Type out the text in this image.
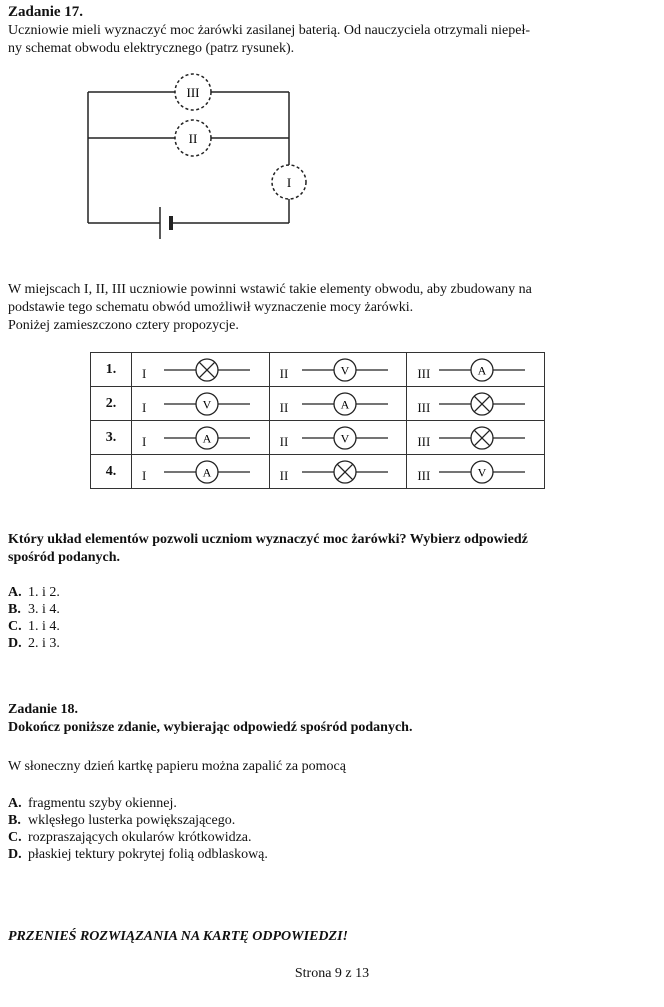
Zadanie 17.
Uczniowie mieli wyznaczyć moc żarówki zasilanej baterią. Od nauczyciela otrzymali niepeł-
ny schemat obwodu elektrycznego (patrz rysunek).
III
II
I
W miejscach I, II, III uczniowie powinni wstawić takie elementy obwodu, aby zbudowany na
podstawie tego schematu obwód umożliwił wyznaczenie mocy żarówki.
Poniżej zamieszczono cztery propozycje.
1.	I	II V	III A

2.	I V	II A	III

3.	I A	II V	III

4.	I A	II	III V
Który układ elementów pozwoli uczniom wyznaczyć moc żarówki? Wybierz odpowiedź
spośród podanych.
A. 1. i 2.
B. 3. i 4.
C. 1. i 4.
D. 2. i 3.
Zadanie 18.
Dokończ poniższe zdanie, wybierając odpowiedź spośród podanych.
W słoneczny dzień kartkę papieru można zapalić za pomocą
A. fragmentu szyby okiennej.
B. wklęsłego lusterka powiększającego.
C. rozpraszających okularów krótkowidza.
D. płaskiej tektury pokrytej folią odblaskową.
PRZENIEŚ ROZWIĄZANIA NA KARTĘ ODPOWIEDZI!
Strona 9 z 13
